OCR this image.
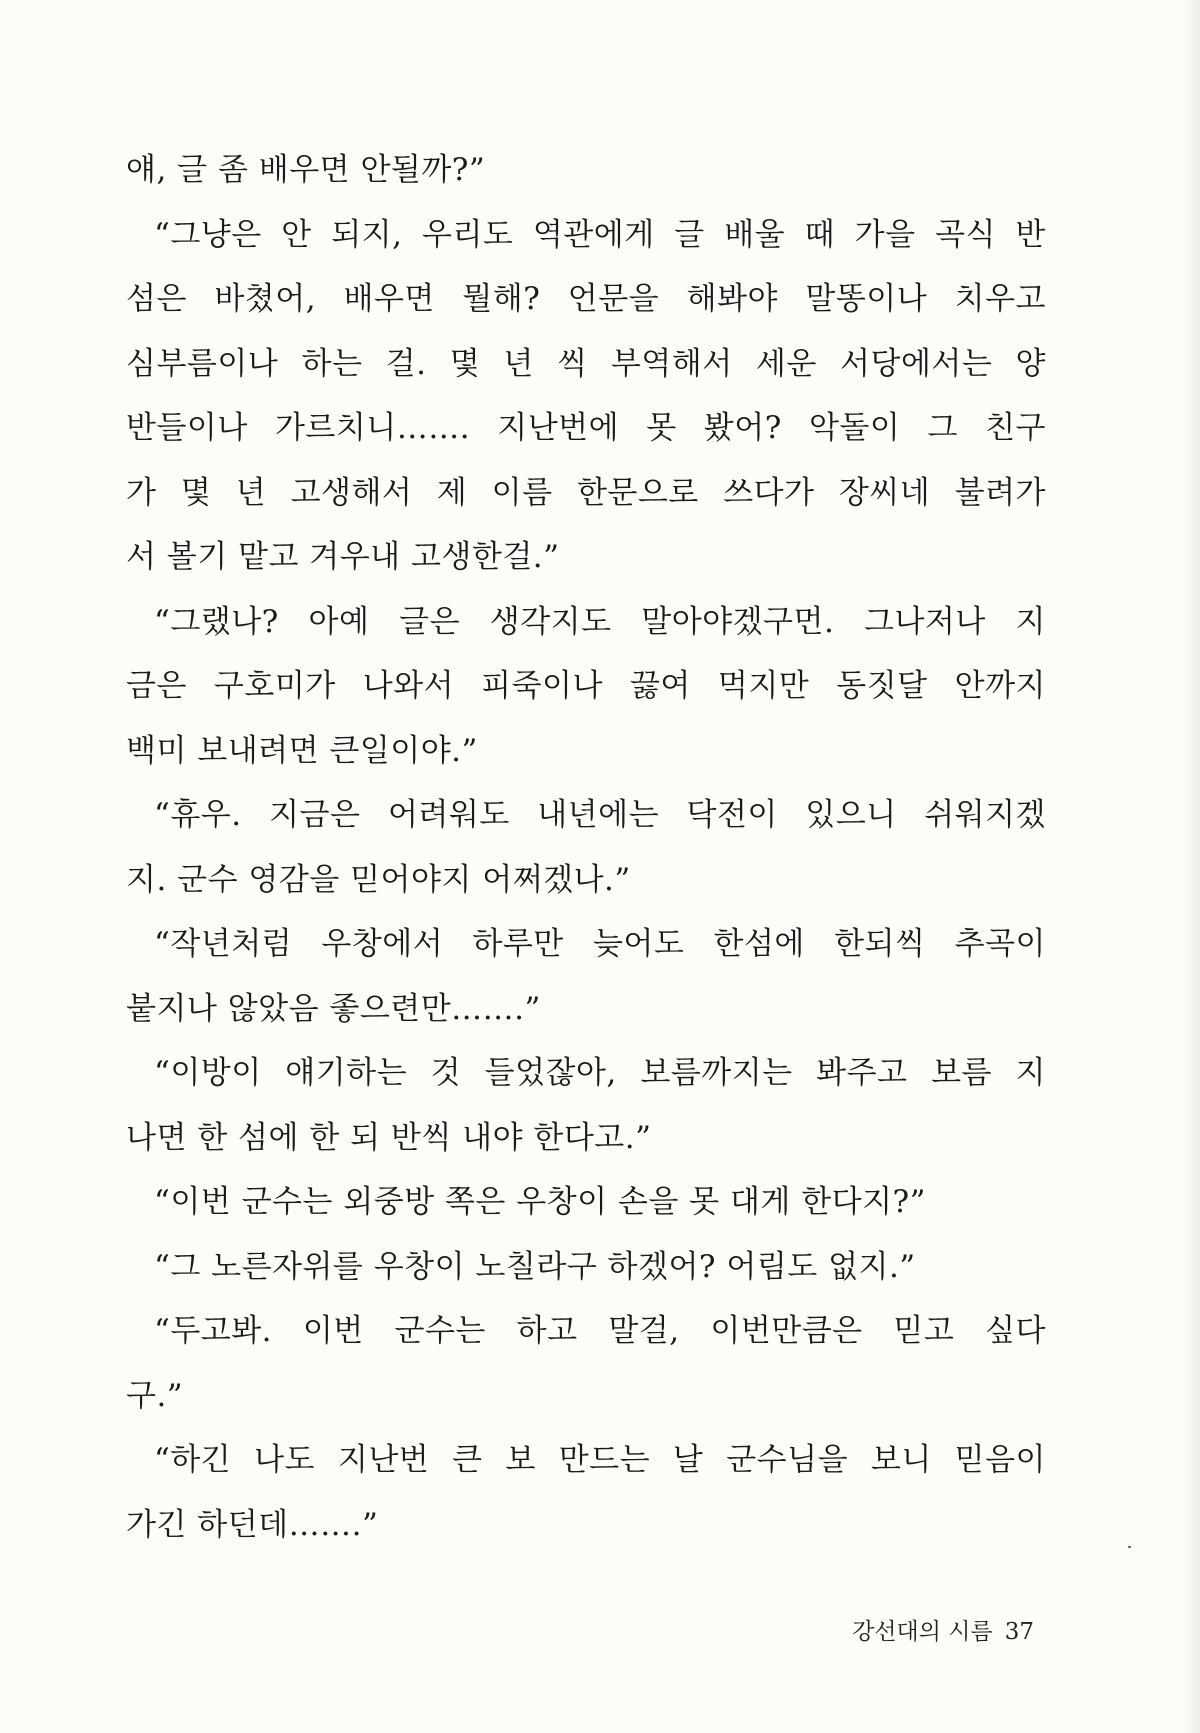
얘, 글 좀 배우면 안될까?”
“그냥은 안 되지, 우리도 역관에게 글 배울 때 가을 곡식 반
섬은 바쳤어, 배우면 뭘해? 언문을 해봐야 말똥이나 치우고
심부름이나 하는 걸. 몇 년 씩 부역해서 세운 서당에서는 양
반들이나 가르치니……. 지난번에 못 봤어? 악돌이 그 친구
가 몇 년 고생해서 제 이름 한문으로 쓰다가 장씨네 불려가
서 볼기 맡고 겨우내 고생한걸.”
“그랬나? 아예 글은 생각지도 말아야겠구먼. 그나저나 지
금은 구호미가 나와서 피죽이나 끓여 먹지만 동짓달 안까지
백미 보내려면 큰일이야.”
“휴우. 지금은 어려워도 내년에는 닥전이 있으니 쉬워지겠
지. 군수 영감을 믿어야지 어쩌겠나.”
“작년처럼 우창에서 하루만 늦어도 한섬에 한되씩 추곡이
붙지나 않았음 좋으련만…….”
“이방이 얘기하는 것 들었잖아, 보름까지는 봐주고 보름 지
나면 한 섬에 한 되 반씩 내야 한다고.”
“이번 군수는 외중방 쪽은 우창이 손을 못 대게 한다지?”
“그 노른자위를 우창이 노칠라구 하겠어? 어림도 없지.”
“두고봐. 이번 군수는 하고 말걸, 이번만큼은 믿고 싶다
구.”
“하긴 나도 지난번 큰 보 만드는 날 군수님을 보니 믿음이
가긴 하던데…….”
강선대의 시름 37
